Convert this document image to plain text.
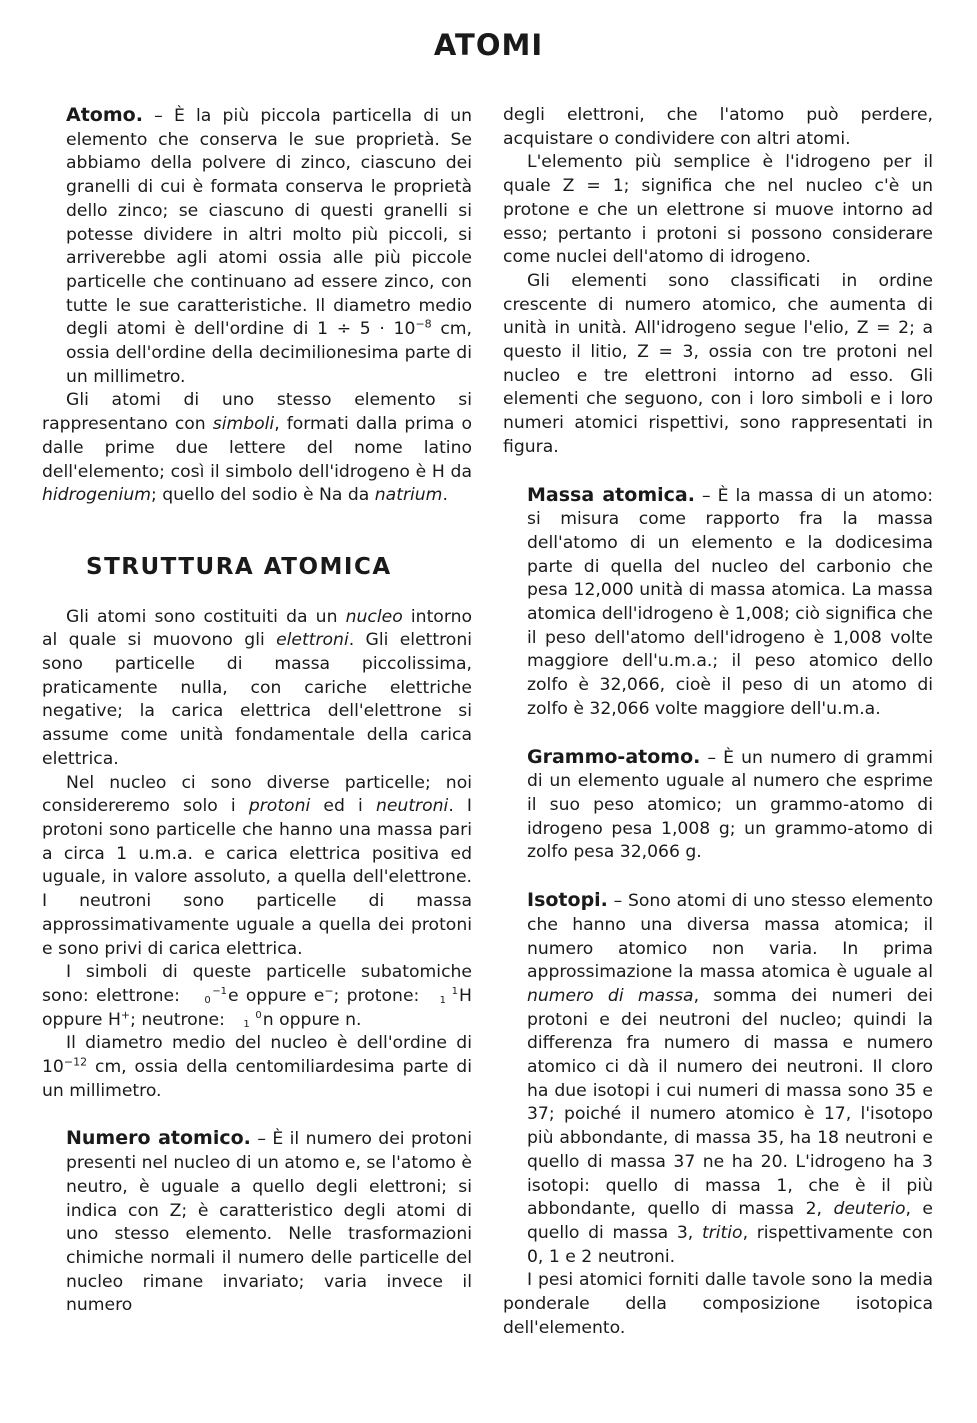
ATOMI

Atomo. – È la più piccola particella di un elemento che conserva le sue proprietà. Se abbiamo della polvere di zinco, ciascuno dei granelli di cui è formata conserva le proprietà dello zinco; se ciascuno di questi granelli si potesse dividere in altri molto più piccoli, si arriverebbe agli atomi ossia alle più piccole particelle che continuano ad essere zinco, con tutte le sue caratteristiche. Il diametro medio degli atomi è dell'ordine di $1 \div 5 \cdot 10^{-8}$ cm, ossia dell'ordine della decimilionesima parte di un millimetro.

Gli atomi di uno stesso elemento si rappresentano con simboli, formati dalla prima o dalle prime due lettere del nome latino dell'elemento; così il simbolo dell'idrogeno è H da hidrogenium; quello del sodio è Na da natrium.

STRUTTURA ATOMICA

Gli atomi sono costituiti da un nucleo intorno al quale si muovono gli elettroni. Gli elettroni sono particelle di massa piccolissima, praticamente nulla, con cariche elettriche negative; la carica elettrica dell'elettrone si assume come unità fondamentale della carica elettrica.

Nel nucleo ci sono diverse particelle; noi considereremo solo i protoni ed i neutroni. I protoni sono particelle che hanno una massa pari a circa 1 u.m.a. e carica elettrica positiva ed uguale, in valore assoluto, a quella dell'elettrone. I neutroni sono particelle di massa approssimativamente uguale a quella dei protoni e sono privi di carica elettrica.

I simboli di queste particelle subatomiche sono: elettrone:	−1
0 e oppure e−; protone:	1
1 H oppure H+; neutrone:	0
1 n oppure n.

Il diametro medio del nucleo è dell'ordine di $10^{-12}$ cm, ossia della centomiliardesima parte di un millimetro.

Numero atomico. – È il numero dei protoni presenti nel nucleo di un atomo e, se l'atomo è neutro, è uguale a quello degli elettroni; si indica con Z; è caratteristico degli atomi di uno stesso elemento. Nelle trasformazioni chimiche normali il numero delle particelle del nucleo rimane invariato; varia invece il numero

degli elettroni, che l'atomo può perdere, acquistare o condividere con altri atomi.

L'elemento più semplice è l'idrogeno per il quale Z = 1; significa che nel nucleo c'è un protone e che un elettrone si muove intorno ad esso; pertanto i protoni si possono considerare come nuclei dell'atomo di idrogeno.

Gli elementi sono classificati in ordine crescente di numero atomico, che aumenta di unità in unità. All'idrogeno segue l'elio, Z = 2; a questo il litio, Z = 3, ossia con tre protoni nel nucleo e tre elettroni intorno ad esso. Gli elementi che seguono, con i loro simboli e i loro numeri atomici rispettivi, sono rappresentati in figura.

Massa atomica. – È la massa di un atomo: si misura come rapporto fra la massa dell'atomo di un elemento e la dodicesima parte di quella del nucleo del carbonio che pesa 12,000 unità di massa atomica. La massa atomica dell'idrogeno è 1,008; ciò significa che il peso dell'atomo dell'idrogeno è 1,008 volte maggiore dell'u.m.a.; il peso atomico dello zolfo è 32,066, cioè il peso di un atomo di zolfo è 32,066 volte maggiore dell'u.m.a.

Grammo-atomo. – È un numero di grammi di un elemento uguale al numero che esprime il suo peso atomico; un grammo-atomo di idrogeno pesa 1,008 g; un grammo-atomo di zolfo pesa 32,066 g.

Isotopi. – Sono atomi di uno stesso elemento che hanno una diversa massa atomica; il numero atomico non varia. In prima approssimazione la massa atomica è uguale al numero di massa, somma dei numeri dei protoni e dei neutroni del nucleo; quindi la differenza fra numero di massa e numero atomico ci dà il numero dei neutroni. Il cloro ha due isotopi i cui numeri di massa sono 35 e 37; poiché il numero atomico è 17, l'isotopo più abbondante, di massa 35, ha 18 neutroni e quello di massa 37 ne ha 20. L'idrogeno ha 3 isotopi: quello di massa 1, che è il più abbondante, quello di massa 2, deuterio, e quello di massa 3, tritio, rispettivamente con 0, 1 e 2 neutroni.

I pesi atomici forniti dalle tavole sono la media ponderale della composizione isotopica dell'elemento.
